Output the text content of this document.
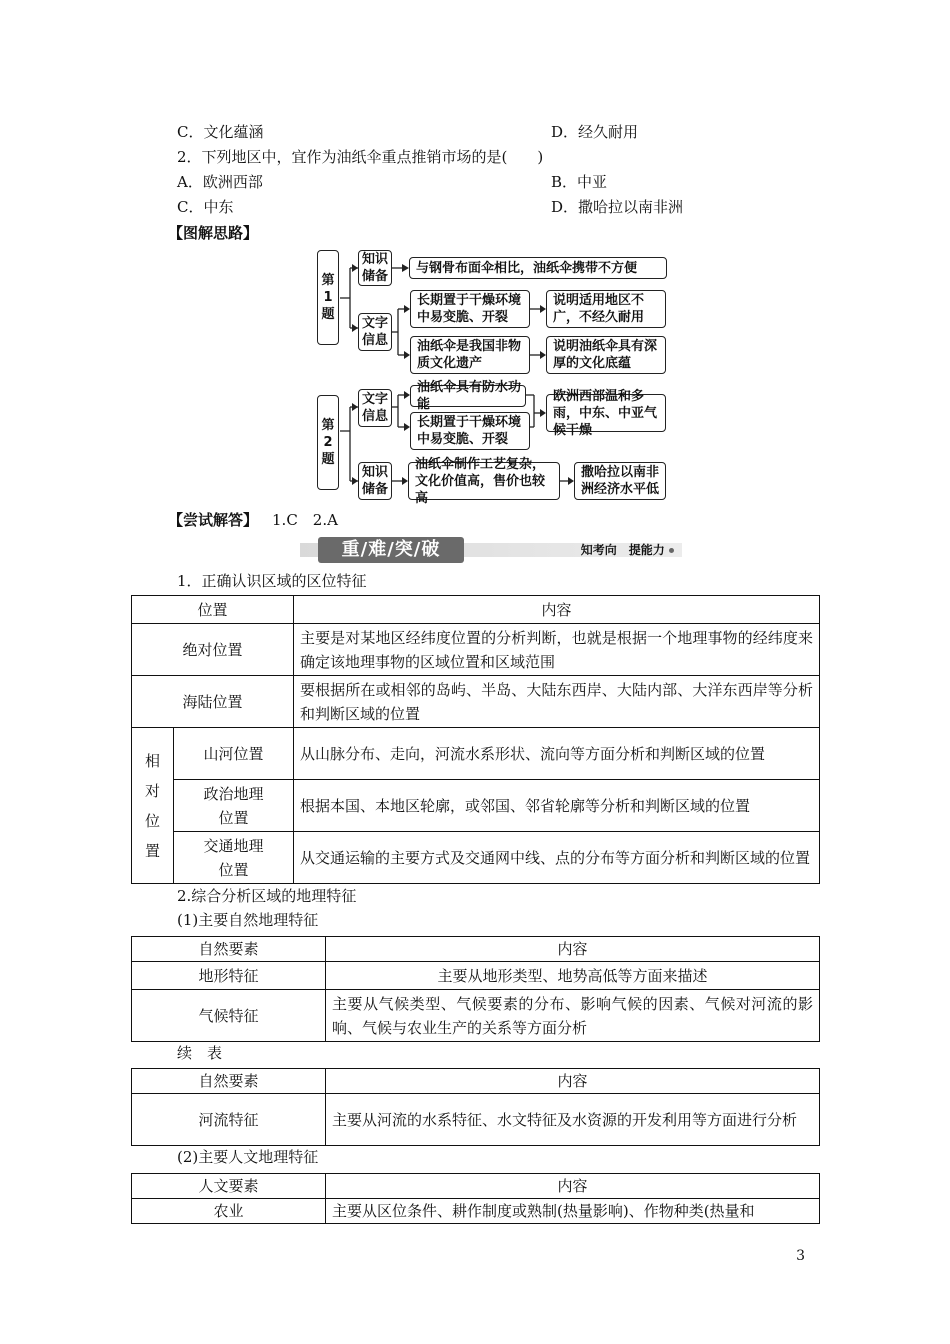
C．文化蕴涵	D．经久耐用
2．下列地区中，宜作为油纸伞重点推销市场的是(　　)
A．欧洲西部	B．中亚
C．中东	D．撒哈拉以南非洲
【图解思路】
第1题
知识储备
与钢骨布面伞相比，油纸伞携带不方便
文字信息
长期置于干燥环境中易变脆、开裂
说明适用地区不广，不经久耐用
油纸伞是我国非物质文化遗产
说明油纸伞具有深厚的文化底蕴
第2题
文字信息
油纸伞具有防水功能
长期置于干燥环境中易变脆、开裂
欧洲西部温和多雨，中东、中亚气候干燥
知识储备
油纸伞制作工艺复杂，文化价值高，售价也较高
撒哈拉以南非洲经济水平低
【尝试解答】 1.C　2.A
重/难/突/破	知考向　提能力
1．正确认识区域的区位特征
位置		内容
绝对位置		主要是对某地区经纬度位置的分析判断，也就是根据一个地理事物的经纬度来确定该地理事物的区域位置和区域范围
海陆位置		要根据所在或相邻的岛屿、半岛、大陆东西岸、大陆内部、大洋东西岸等分析和判断区域的位置
相对位置	山河位置	从山脉分布、走向，河流水系形状、流向等方面分析和判断区域的位置
	政治地理位置	根据本国、本地区轮廓，或邻国、邻省轮廓等分析和判断区域的位置
	交通地理位置	从交通运输的主要方式及交通网中线、点的分布等方面分析和判断区域的位置
2.综合分析区域的地理特征
(1)主要自然地理特征
自然要素	内容
地形特征	主要从地形类型、地势高低等方面来描述
气候特征	主要从气候类型、气候要素的分布、影响气候的因素、气候对河流的影响、气候与农业生产的关系等方面分析
续　表
自然要素	内容
河流特征	主要从河流的水系特征、水文特征及水资源的开发利用等方面进行分析
(2)主要人文地理特征
人文要素	内容
农业	主要从区位条件、耕作制度或熟制(热量影响)、作物种类(热量和
3
